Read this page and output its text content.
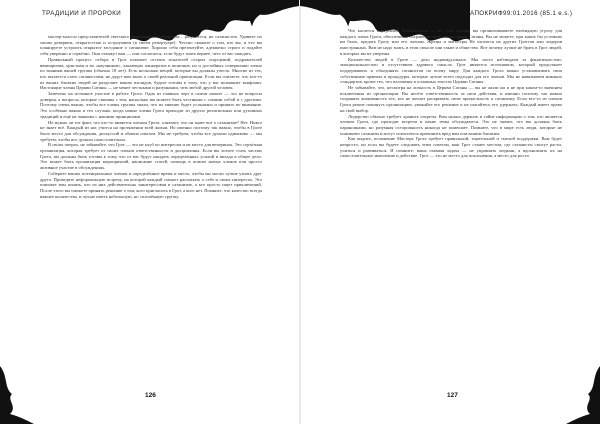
ТРАДИЦИИ И ПРОРОКИ

мастер-классы представителей светского оккультного сообщества... разумеется, не сатанистов. Удивите их своим доверием, открытостью и остроумием (в своём репертуаре). Честно скажите о том, кто вы, и что вы планируете устроить открытое заседание о сатанизме. Хорошо себя презентуйте, адекватно строго и подайте себя уверенно и серьёзно. Они откажут вам — или согласятся, если будут знать вернее, чего от вас ожидать.

Правильный процесс отбора в Грот поможет отсеять искателей острых ощущений, подражателей вампиризма, христиан и их «научников», хакающих панкератов и шпионов, но и достойных совершенно лично по знаниям вашей группы (обычно 18 лет). Есть несколько вещей, которые вы должны учесть. Многие из тех, кто пытается стать сатанистами, не дадут вам знать о своей реальной ориентации. Если вы считаете, что кто-то из ваших близких людей не разделяет ваших взглядов, будьте готовы к тому, что у вас возникнет конфликт. Настоящие члены Церкви Сатаны — не менее честными и разумными, чем любой другой человек.

Замечено на истинное участие в работе Грота. Одна из главных черт в самом начале — это не вопросы доверия, а вопросы, которые связаны с тем, насколько вы можете быть честными с самими собой и с другими. Поэтому очень важно, чтобы все члены группы знали, что их мнение будет услышано и принято во внимание. Это особенно важно в тех случаях, когда новые члены Грота приходят из других религиозных или духовных традиций и ещё не знакомы с нашими принципами.

Не нужно ли тот факт, что кто-то является членом Грота, означает, что он знает всё о сатанизме? Нет. Никто не знает всё. Каждый из нас учится на протяжении всей жизни. Но именно поэтому так важно, чтобы в Гроте было место для обсуждения, дискуссий и обмена опытом. Мы не требуем, чтобы все думали одинаково — мы требуем, чтобы все думали самостоятельно.

В своих операх, не забывайте, что Грот — это не клуб по интересам и не место для вечеринок. Это серьёзная организация, которая требует от своих членов ответственности и дисциплины. Если вы хотите стать частью Грота, вы должны быть готовы к тому, что от вас будут ожидать определённых усилий и вклада в общее дело. Это может быть организация мероприятий, написание статей, помощь в поиске новых членов или просто активное участие в обсуждениях.

Соберите ваших потенциальных членов в определённое время и место, чтобы вы могли лучше узнать друг друга. Проведите неформальную встречу, на которой каждый сможет рассказать о себе и своих интересах. Это поможет вам понять, кто из них действительно заинтересован в сатанизме, а кто просто ищет приключений. После этого вы сможете принять решение о том, кого пригласить в Грот, а кого нет. Помните, что качество всегда важнее количества, и лучше иметь небольшую, но сплочённую группу.

126
АПОКРИФ99:01.2016 (85.1 e.s.)

Что касается внутренней безопасности — по сути говоря, вы организовываете очевидную угрозу для каждого члена Грота, обеспечивая сохранение всех наших форм Сатаны. Вы не можете, при каких бы условиях ни было, предать Гроту или его членам. Жрецы и магистры Не охотятся на других Гроттов или лидеров иностранных. Вам не надо знать, в этом смысле они такие и общество. Вот почему лучше не брать в Грот людей, в которых вы не уверены.

Количество людей в Гроте — дело индивидуальное. Мы часто наблюдаем за фанатичностью, эмоциональностью и отсутствием здравого смысла. Грот является источником, который продолжает поддерживать и объединять сатанистов по всему миру. Для каждого Грота важно устанавливать свои собственные правила и процедуры, которые лучше всего подходят для его членов. Мы не навязываем никаких стандартов, кроме тех, что изложены в основных текстах Церкви Сатаны.

Не забывайте, что, несмотря на личность в Церкви Сатаны — вы не жили ни и не при каком-то внешнем исключении из организации. Вы несёте ответственность за свои действия, и именно поэтому так важно сохранять анонимность тех, кто не желает раскрывать свою причастность к сатанизму. Если кто-то из членов Грота решит покинуть организацию, уважайте его решение и не пытайтесь его удержать. Каждый имеет право на свой выбор.

Лидерство обычно требует хранить секреты. Вам нужно держать в тайне информацию о том, кто является членом Грота, где проходят встречи и какие темы обсуждаются. Это не значит, что вы должны быть параноиками, но разумная осторожность никогда не помешает. Помните, что в мире есть люди, которые не понимают сатанизм и могут попытаться причинить вред вам или вашим близким.

Как видите, положение Мастера Грота требует правильной, тщательной и смелой поддержки. Вам будет непросто, но если вы будете следовать этим советам, ваш Грот станет местом, где сатанисты смогут расти, учиться и развиваться. И помните: ваша главная задача — не управлять людьми, а вдохновлять их на самостоятельное мышление и действие. Грот — это не место для поклонения, а место для роста.

127
